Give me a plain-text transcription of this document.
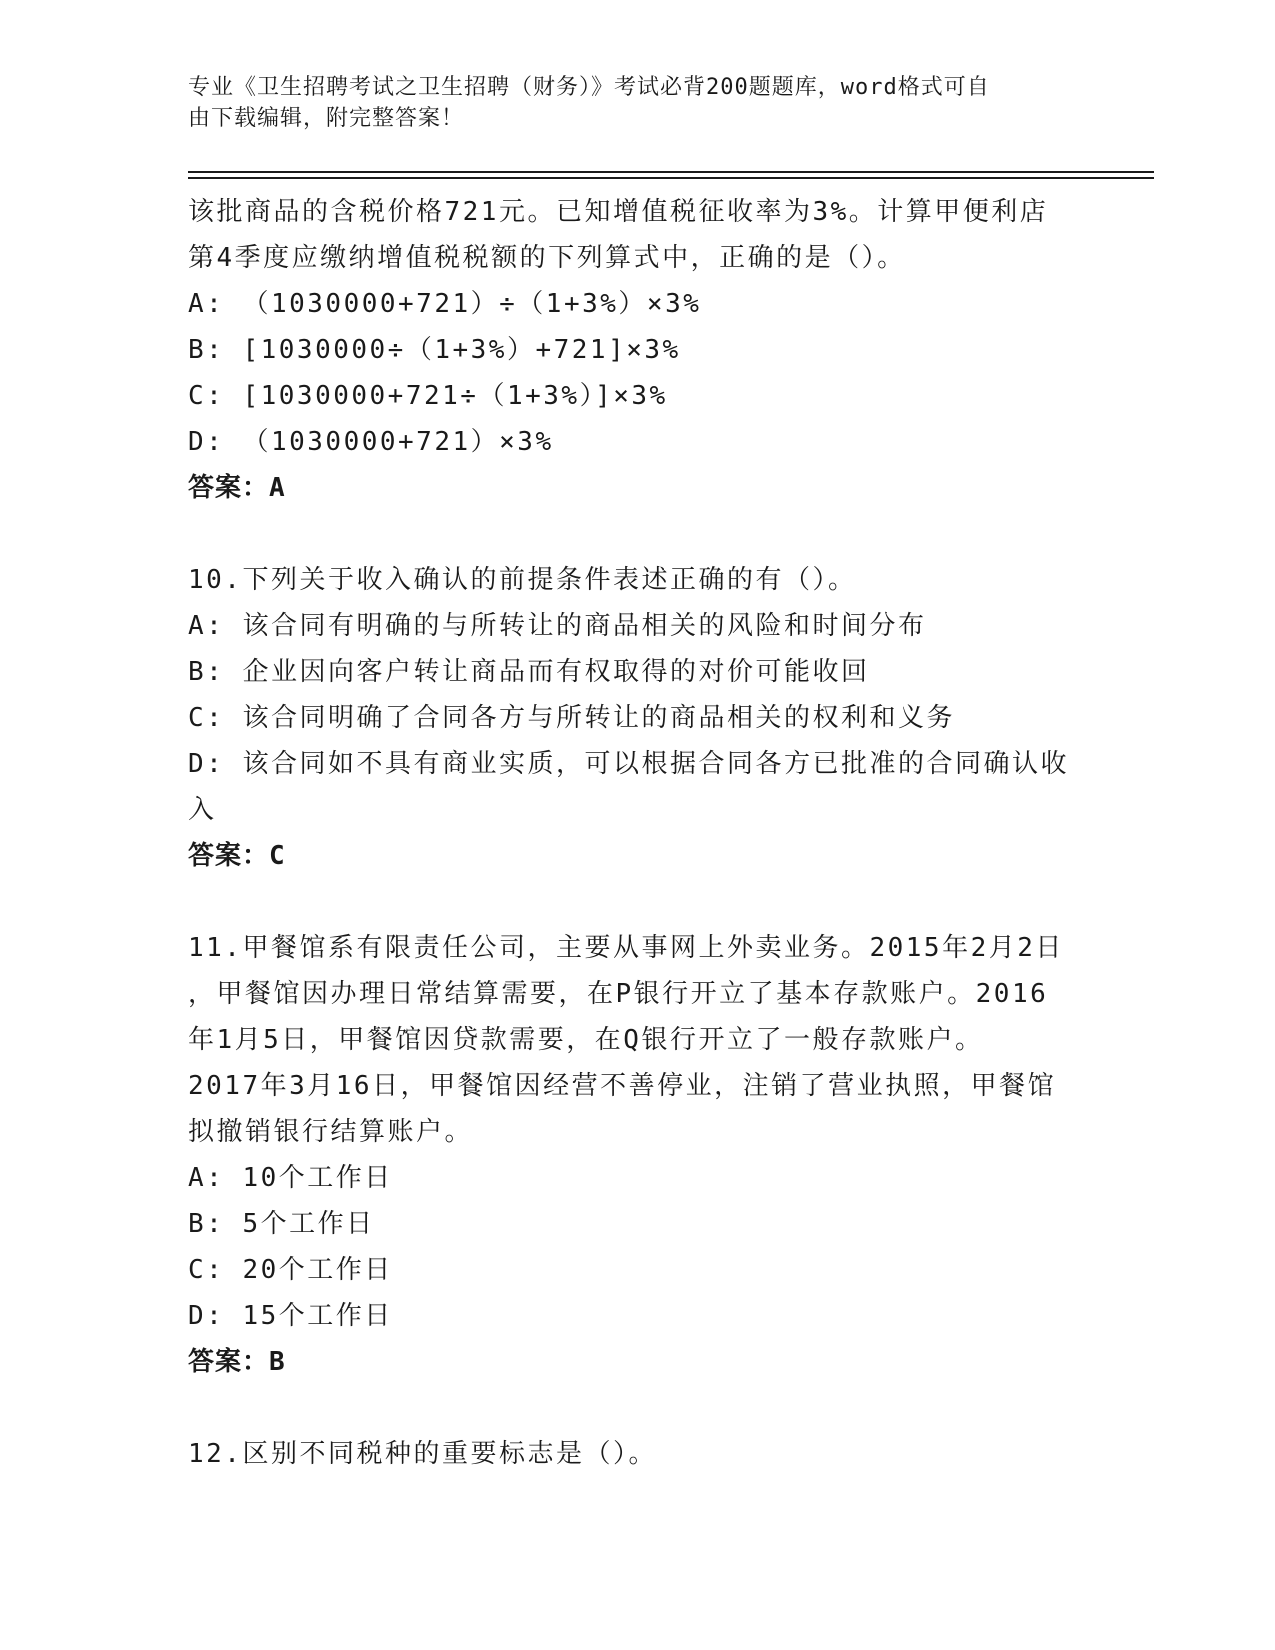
专业《卫生招聘考试之卫生招聘（财务）》考试必背200题题库，word格式可自
由下载编辑，附完整答案！
该批商品的含税价格721元。已知增值税征收率为3%。计算甲便利店
第4季度应缴纳增值税税额的下列算式中，正确的是（）。
A: （1030000+721）÷（1+3%）×3%
B: [1030000÷（1+3%）+721]×3%
C: [1030000+721÷（1+3%）]×3%
D: （1030000+721）×3%
答案：A
10.下列关于收入确认的前提条件表述正确的有（）。
A: 该合同有明确的与所转让的商品相关的风险和时间分布
B: 企业因向客户转让商品而有权取得的对价可能收回
C: 该合同明确了合同各方与所转让的商品相关的权利和义务
D: 该合同如不具有商业实质，可以根据合同各方已批准的合同确认收
入
答案：C
11.甲餐馆系有限责任公司，主要从事网上外卖业务。2015年2月2日
，甲餐馆因办理日常结算需要，在P银行开立了基本存款账户。2016
年1月5日，甲餐馆因贷款需要，在Q银行开立了一般存款账户。
2017年3月16日，甲餐馆因经营不善停业，注销了营业执照，甲餐馆
拟撤销银行结算账户。
A: 10个工作日
B: 5个工作日
C: 20个工作日
D: 15个工作日
答案：B
12.区别不同税种的重要标志是（）。
